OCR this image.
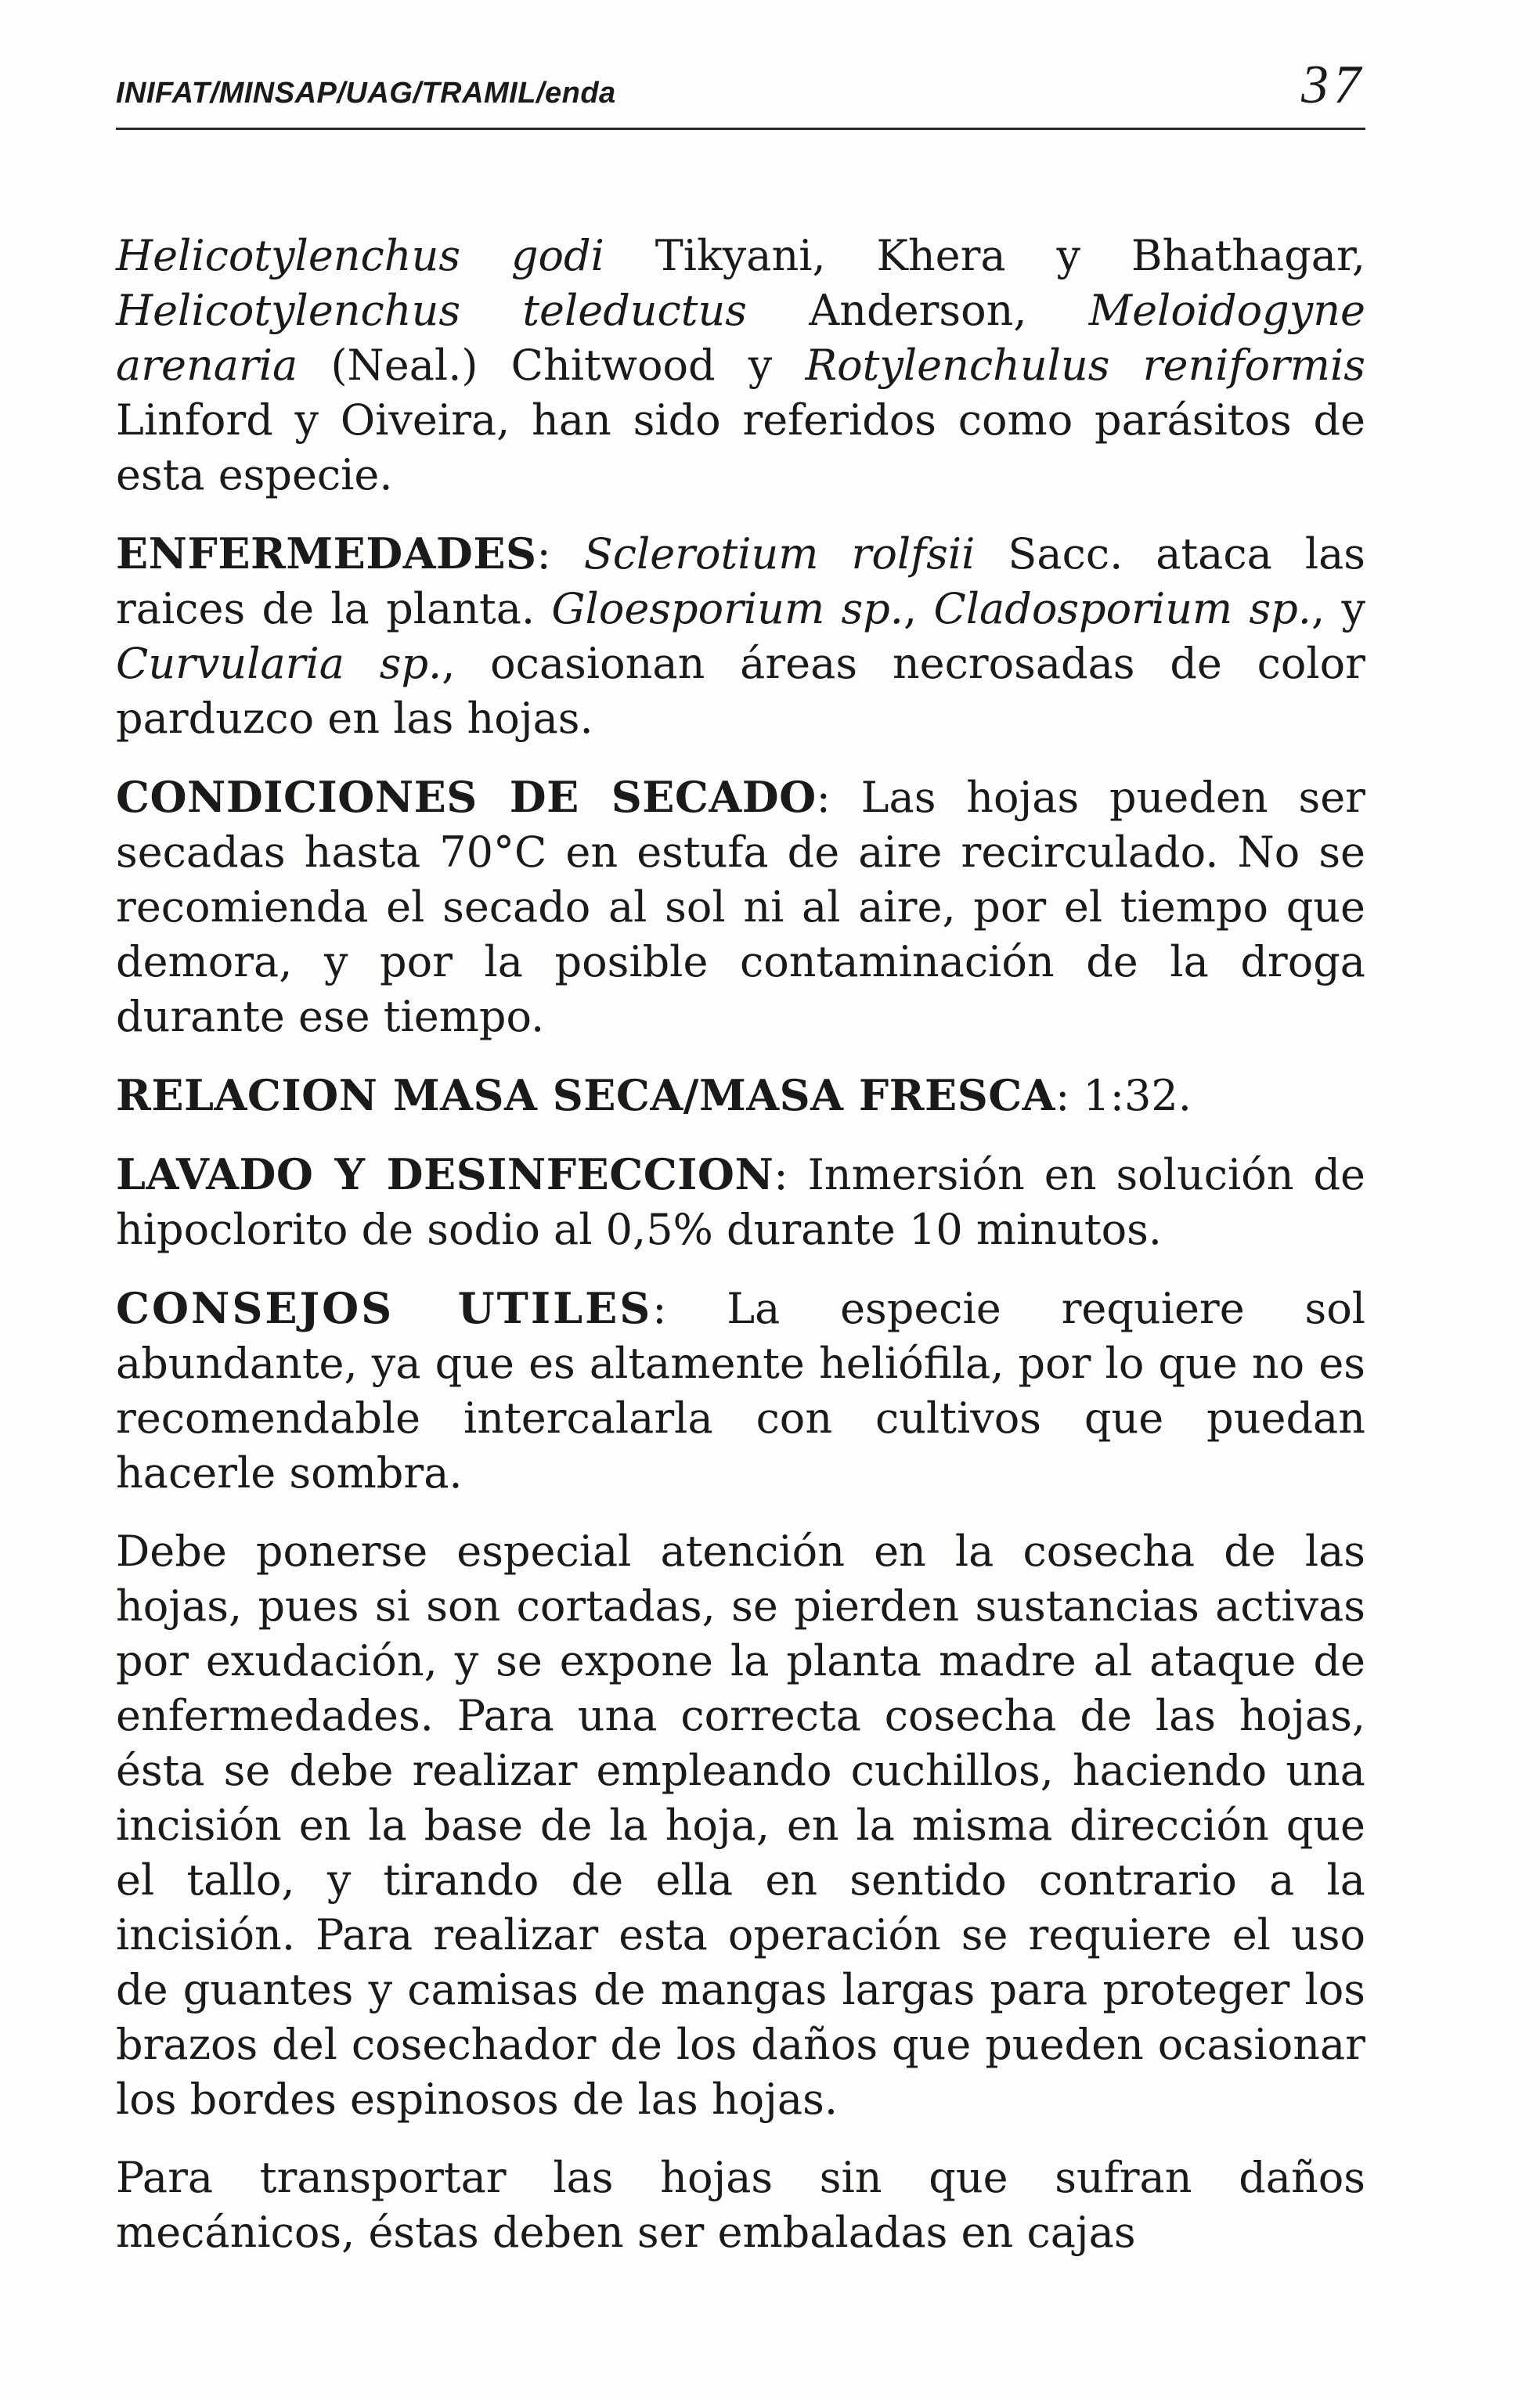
INIFAT/MINSAP/UAG/TRAMIL/enda	37

Helicotylenchus godi Tikyani, Khera y Bhathagar, Helicotylenchus teleductus Anderson, Meloidogyne arenaria (Neal.) Chitwood y Rotylenchulus reniformis Linford y Oiveira, han sido referidos como parásitos de esta especie.

ENFERMEDADES: Sclerotium rolfsii Sacc. ataca las raices de la planta. Gloesporium sp., Cladosporium sp., y Curvularia sp., ocasionan áreas necrosadas de color parduzco en las hojas.

CONDICIONES DE SECADO: Las hojas pueden ser secadas hasta 70°C en estufa de aire recirculado. No se recomienda el secado al sol ni al aire, por el tiempo que demora, y por la posible contaminación de la droga durante ese tiempo.

RELACION MASA SECA/MASA FRESCA: 1:32.

LAVADO Y DESINFECCION: Inmersión en solución de hipoclorito de sodio al 0,5% durante 10 minutos.

CONSEJOS UTILES: La especie requiere sol abundante, ya que es altamente heliófila, por lo que no es recomendable intercalarla con cultivos que puedan hacerle sombra.

Debe ponerse especial atención en la cosecha de las hojas, pues si son cortadas, se pierden sustancias activas por exudación, y se expone la planta madre al ataque de enfermedades. Para una correcta cosecha de las hojas, ésta se debe realizar empleando cuchillos, haciendo una incisión en la base de la hoja, en la misma dirección que el tallo, y tirando de ella en sentido contrario a la incisión. Para realizar esta operación se requiere el uso de guantes y camisas de mangas largas para proteger los brazos del cosechador de los daños que pueden ocasionar los bordes espinosos de las hojas.

Para transportar las hojas sin que sufran daños mecánicos, éstas deben ser embaladas en cajas
